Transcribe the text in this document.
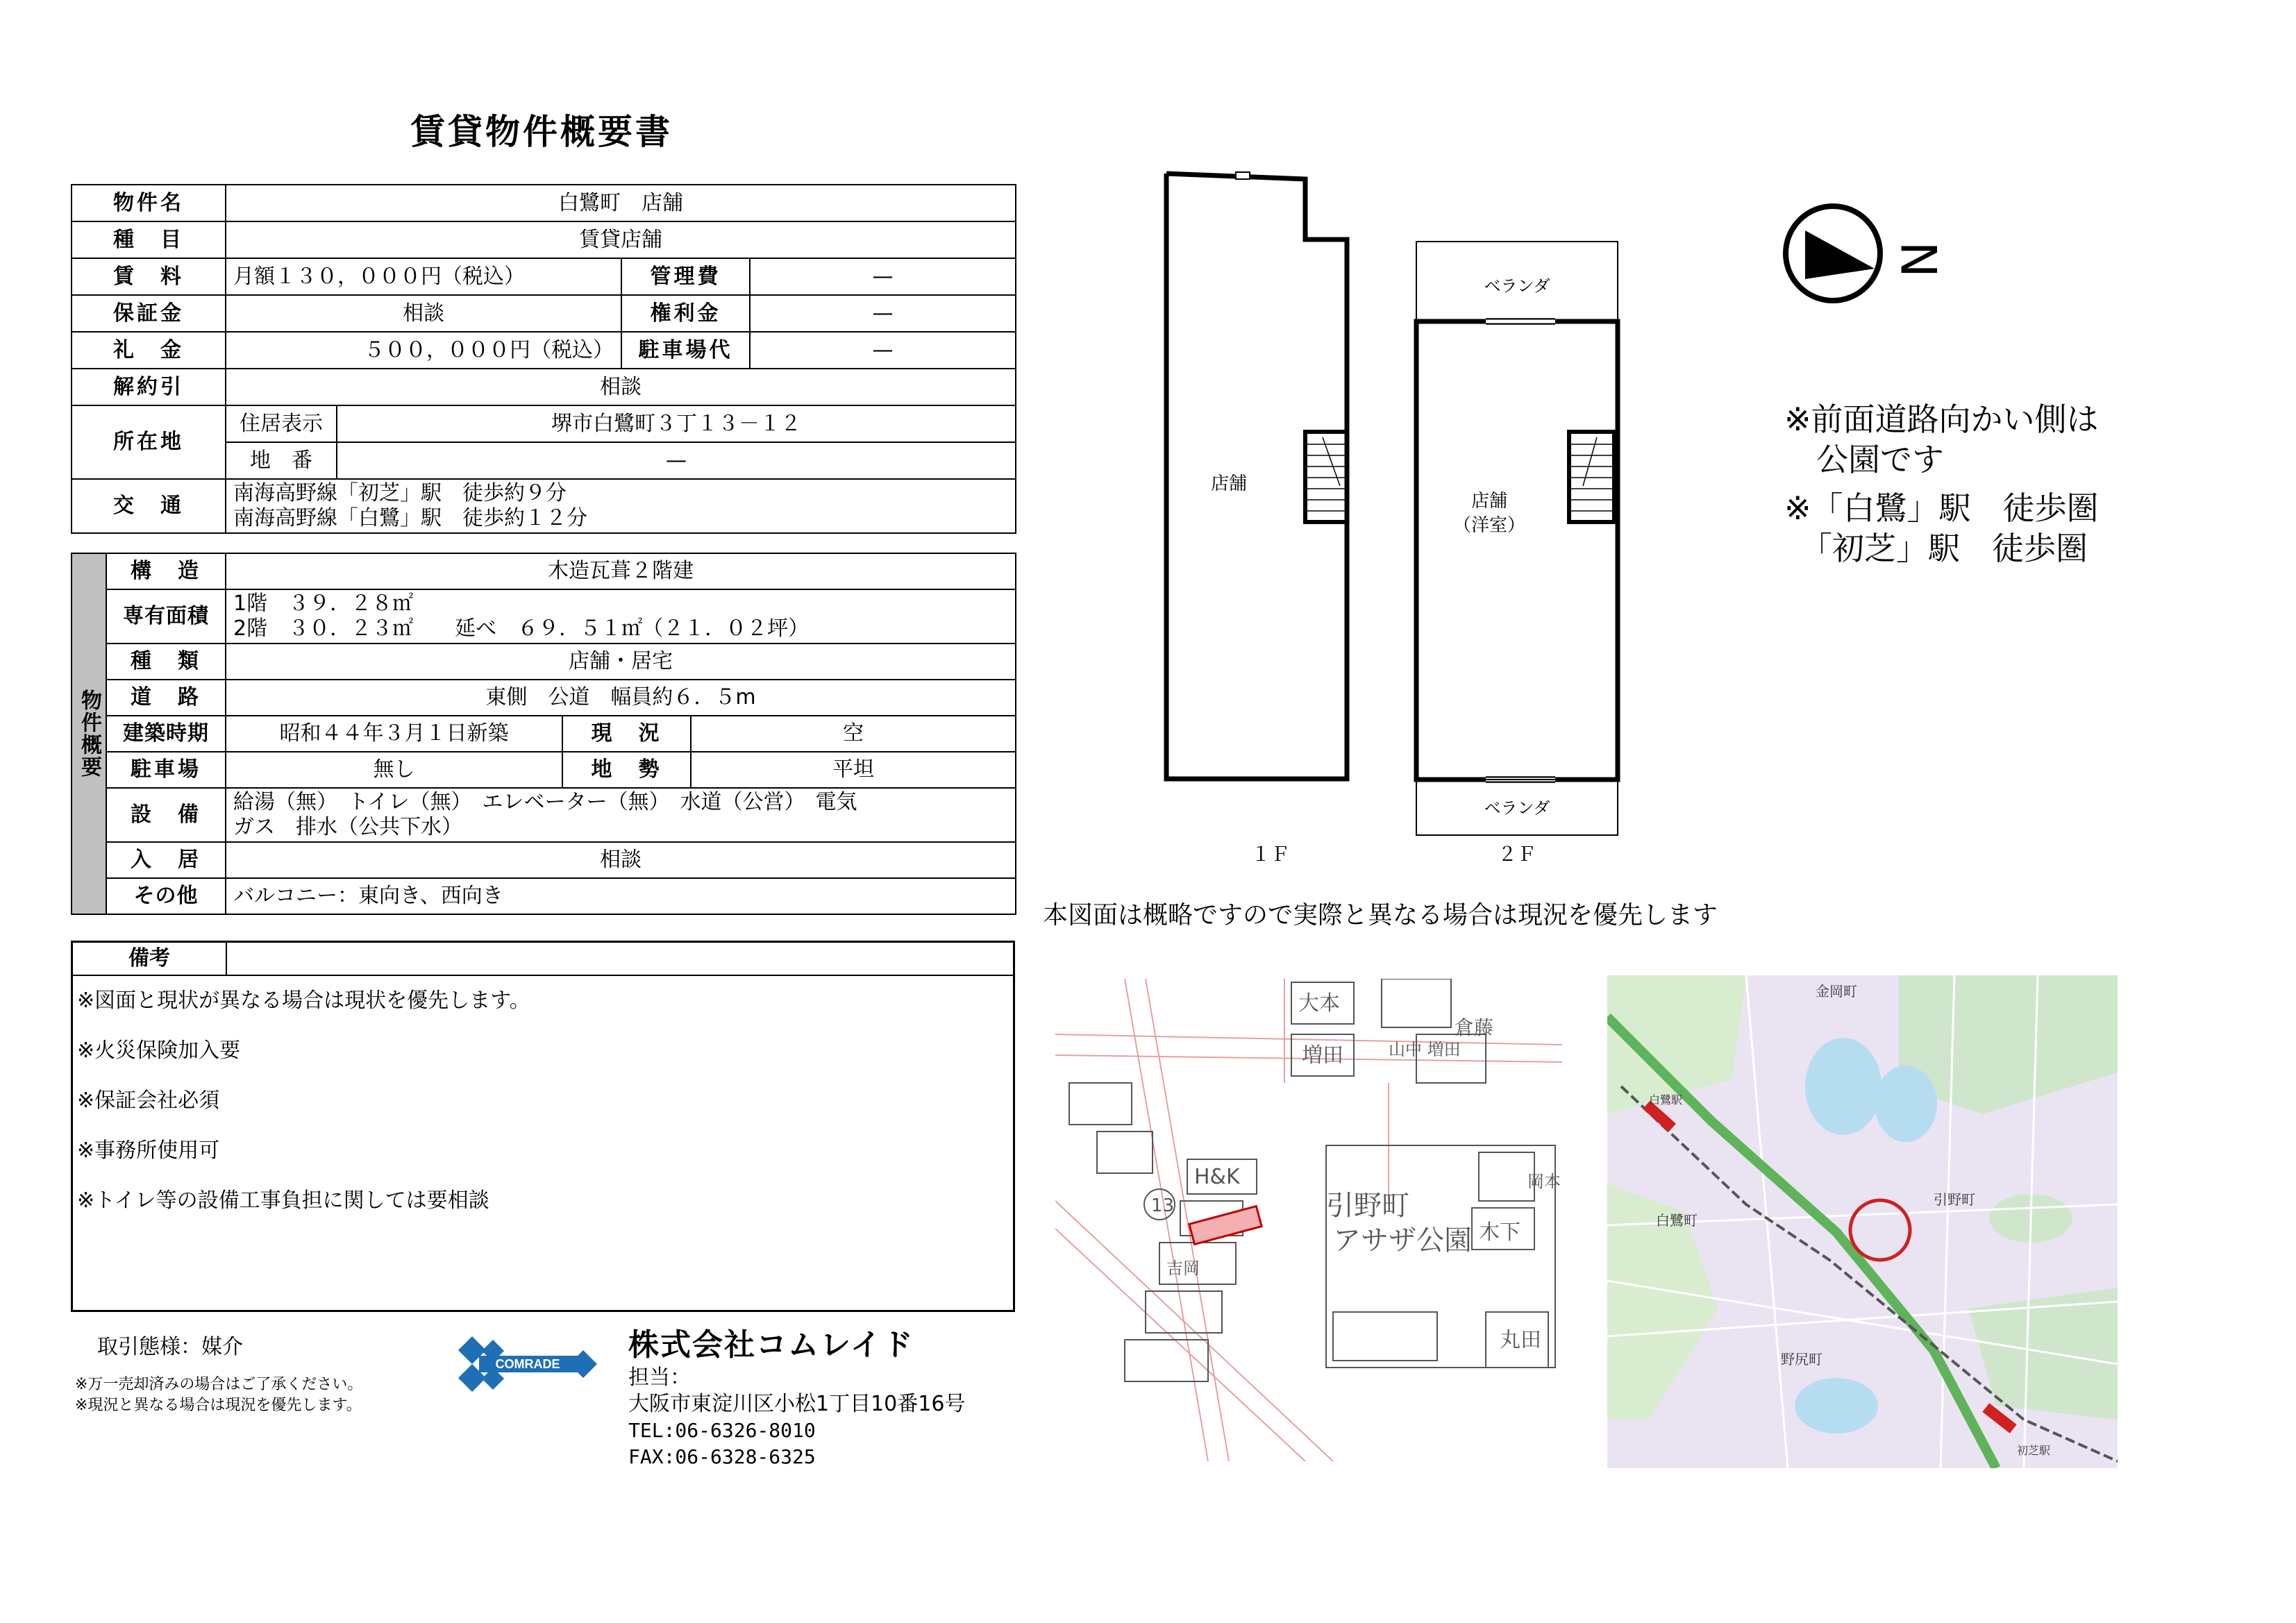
賃貸物件概要書
物件名	白鷺町　店舗			
種　目	賃貸店舗			
賃　料	月額１３０，０００円（税込）		管理費	—
保証金	相談		権利金	—
礼　金	５００，０００円（税込）		駐車場代	—
解約引	相談			
所在地	住居表示	堺市白鷺町３丁１３－１２		
	地　番	—		
交　通	南海高野線「初芝」駅　徒歩約９分
南海高野線「白鷺」駅　徒歩約１２分			
物件概要	構　造	木造瓦葺２階建		
	専有面積	1階　３９．２８㎡
2階　３０．２３㎡　　延べ　６９．５１㎡（２１．０２坪）		

	種　類	店舗・居宅		
	道　路	東側　公道　幅員約６．５m		
	建築時期	昭和４４年３月１日新築	現　況	空
	駐車場	無し	地　勢	平坦
	設　備	給湯（無）　トイレ（無）　エレベーター（無）　水道（公営）　電気
ガス　排水（公共下水）		

	入　居	相談		
	その他	バルコニー：東向き、西向き		
備考

※図面と現状が異なる場合は現状を優先します。

※火災保険加入要

※保証会社必須

※事務所使用可

※トイレ等の設備工事負担に関しては要相談

取引態様：媒介
※万一売却済みの場合はご了承ください。
※現況と異なる場合は現況を優先します。
COMRADE
株式会社コムレイド
担当：
大阪市東淀川区小松1丁目10番16号
TEL:06-6326-8010
FAX:06-6328-6325
店舗
店舗
（洋室）
ベランダ
ベランダ
１Ｆ	２Ｆ
N
※前面道路向かい側は
　公園です
※「白鷺」駅　徒歩圏
　「初芝」駅　徒歩圏
本図面は概略ですので実際と異なる場合は現況を優先します
大本
増田	山中 増田
倉藤
H&K
13	引野町
アサザ公園 木下
丸田
岡本
吉岡
金岡町
白鷺町
引野町
野尻町
白鷺駅
初芝駅
